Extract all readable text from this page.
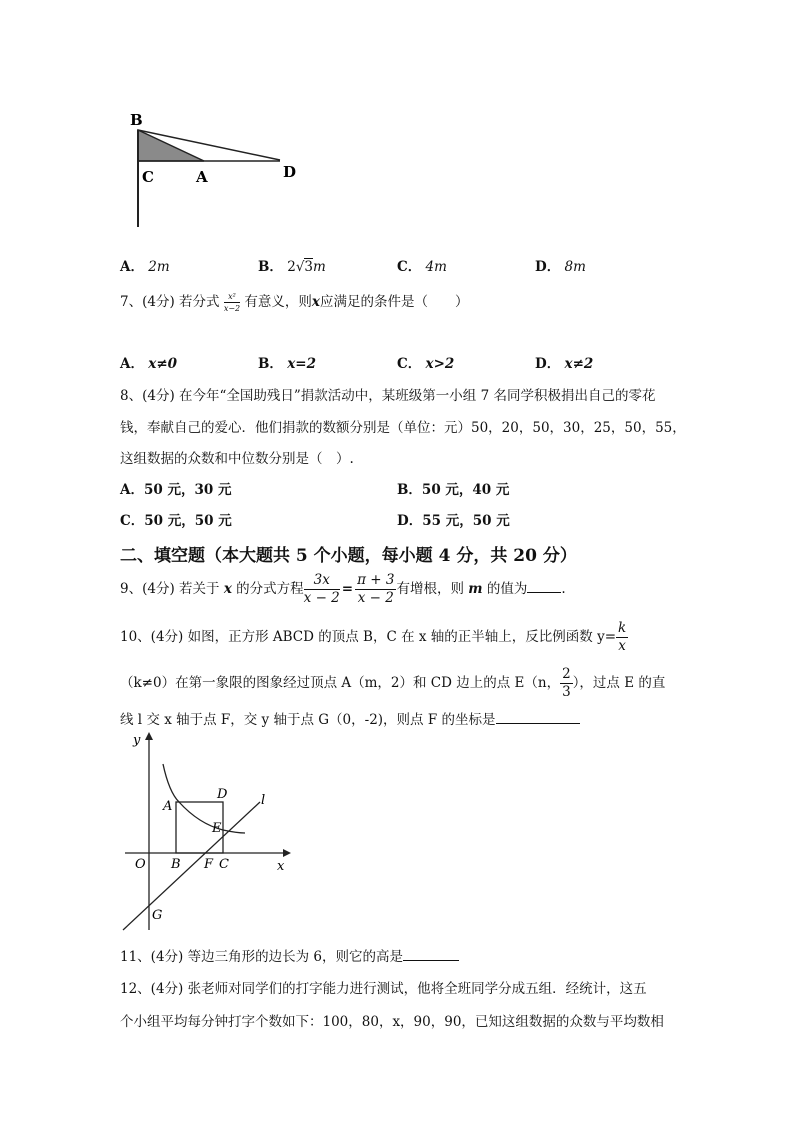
B
C	A	D
A． 2m	B． 2√3m	C． 4m	D． 8m
7、(4分) 若分式 $\frac{\text{x²}}{x-2}$ 有意义，则x应满足的条件是（　　）
A． x≠0	B． x=2	C． x>2	D． x≠2
8、(4分) 在今年“全国助残日”捐款活动中，某班级第一小组 7 名同学积极捐出自己的零花
钱，奉献自己的爱心．他们捐款的数额分别是（单位：元）50，20，50，30，25，50，55，
这组数据的众数和中位数分别是（　）.
A．50 元，30 元	B．50 元，40 元
C．50 元，50 元	D．55 元，50 元
二、填空题（本大题共 5 个小题，每小题 4 分，共 20 分）
9、(4分) 若关于 x 的分式方程 $\frac{3x}{x - 2} = \frac{\pi + 3}{x - 2}$ 有增根，则 m 的值为	.
10、(4分) 如图，正方形 ABCD 的顶点 B，C 在 x 轴的正半轴上，反比例函数 $y= \frac{k}{x}$
（k≠0）在第一象限的图象经过顶点 A（m，2）和 CD 边上的点 E（n， $\frac{2}{3}$ ），过点 E 的直
线 l 交 x 轴于点 F，交 y 轴于点 G（0，-2)，则点 F 的坐标是
y
x
O
A
D
E
l
B F C
G
11、(4分) 等边三角形的边长为 6，则它的高是
12、(4分) 张老师对同学们的打字能力进行测试，他将全班同学分成五组．经统计，这五
个小组平均每分钟打字个数如下：100，80，x，90，90，已知这组数据的众数与平均数相
